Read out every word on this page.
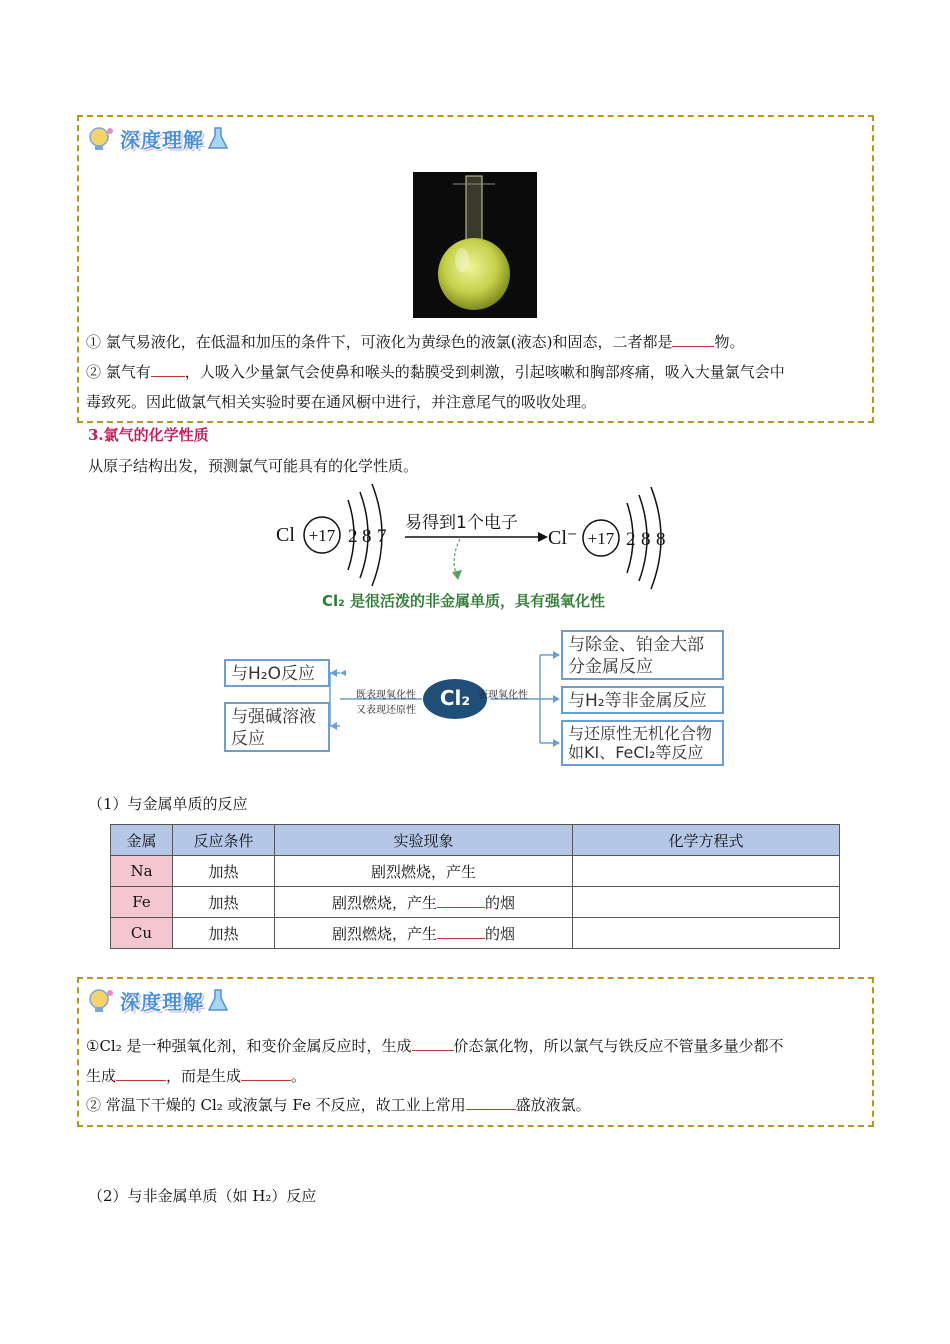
深度理解
① 氯气易液化，在低温和加压的条件下，可液化为黄绿色的液氯(液态)和固态，二者都是	物。
② 氯气有 ，人吸入少量氯气会使鼻和喉头的黏膜受到刺激，引起咳嗽和胸部疼痛，吸入大量氯气会中
毒致死。因此做氯气相关实验时要在通风橱中进行，并注意尾气的吸收处理。
3.氯气的化学性质
从原子结构出发，预测氯气可能具有的化学性质。
Cl +17 2 8 7
易得到1个电子
Cl⁻ +17 2 8 8
Cl₂ 是很活泼的非金属单质，具有强氧化性
Cl₂
既表现氧化性
又表现还原性
表现氧化性
与H₂O反应
与强碱溶液反应
与除金、铂金大部分金属反应
与H₂等非金属反应
与还原性无机化合物如KI、FeCl₂等反应
（1）与金属单质的反应
金属	反应条件	实验现象	化学方程式
Na	加热	剧烈燃烧，产生	
Fe	加热	剧烈燃烧，产生 的烟	
Cu	加热	剧烈燃烧，产生 的烟	
深度理解
①Cl₂ 是一种强氧化剂，和变价金属反应时，生成	价态氯化物，所以氯气与铁反应不管量多量少都不
生成	，而是生成	。
② 常温下干燥的 Cl₂ 或液氯与 Fe 不反应，故工业上常用	盛放液氯。
（2）与非金属单质（如 H₂）反应
